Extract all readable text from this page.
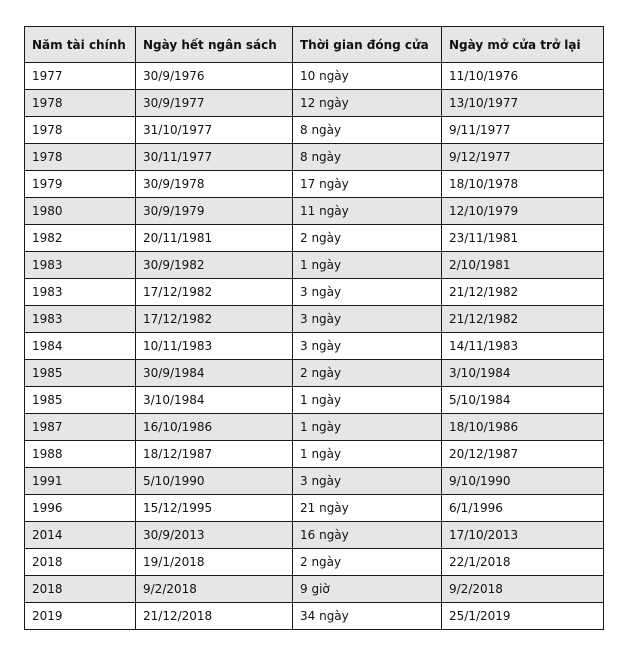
Năm tài chính	Ngày hết ngân sách	Thời gian đóng cửa	Ngày mở cửa trở lại
1977	30/9/1976	10 ngày	11/10/1976
1978	30/9/1977	12 ngày	13/10/1977
1978	31/10/1977	8 ngày	9/11/1977
1978	30/11/1977	8 ngày	9/12/1977
1979	30/9/1978	17 ngày	18/10/1978
1980	30/9/1979	11 ngày	12/10/1979
1982	20/11/1981	2 ngày	23/11/1981
1983	30/9/1982	1 ngày	2/10/1981
1983	17/12/1982	3 ngày	21/12/1982
1983	17/12/1982	3 ngày	21/12/1982
1984	10/11/1983	3 ngày	14/11/1983
1985	30/9/1984	2 ngày	3/10/1984
1985	3/10/1984	1 ngày	5/10/1984
1987	16/10/1986	1 ngày	18/10/1986
1988	18/12/1987	1 ngày	20/12/1987
1991	5/10/1990	3 ngày	9/10/1990
1996	15/12/1995	21 ngày	6/1/1996
2014	30/9/2013	16 ngày	17/10/2013
2018	19/1/2018	2 ngày	22/1/2018
2018	9/2/2018	9 giờ	9/2/2018
2019	21/12/2018	34 ngày	25/1/2019
